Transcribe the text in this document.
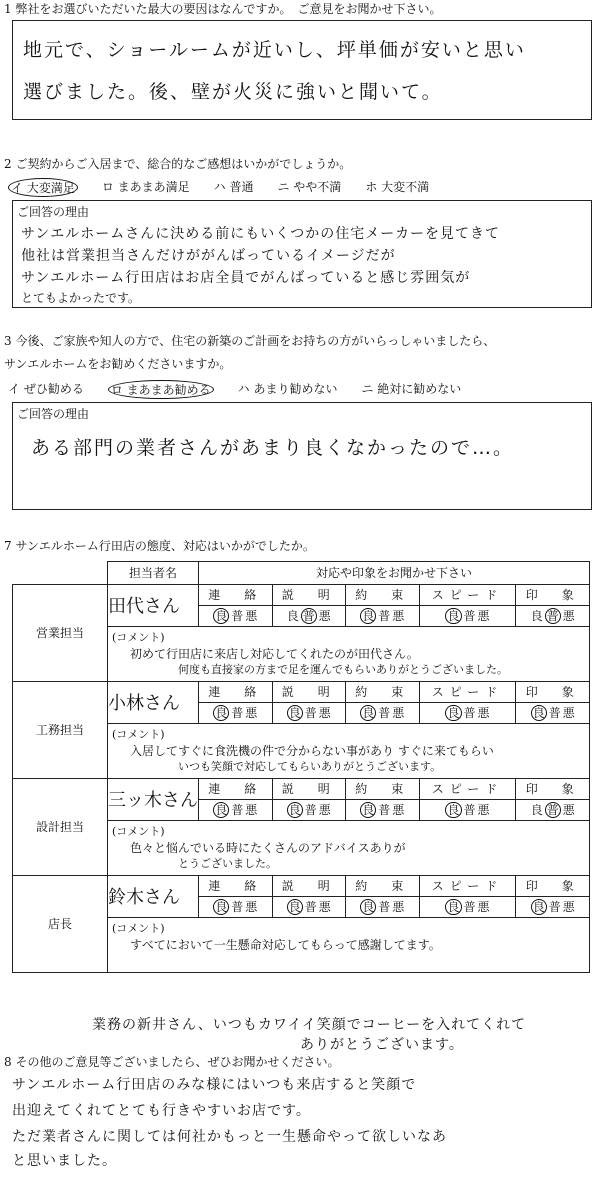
1 弊社をお選びいただいた最大の要因はなんですか。　ご意見をお聞かせ下さい。
地元で、ショールームが近いし、坪単価が安いと思い
選びました。後、壁が火災に強いと聞いて。
2 ご契約からご入居まで、総合的なご感想はいかがでしょうか。
イ 大変満足 ロ まあまあ満足 ハ 普通 ニ やや不満 ホ 大変不満
ご回答の理由
サンエルホームさんに決める前にもいくつかの住宅メーカーを見てきて
他社は営業担当さんだけががんばっているイメージだが
サンエルホーム行田店はお店全員でがんばっていると感じ雰囲気が
とてもよかったです。
3 今後、ご家族や知人の方で、住宅の新築のご計画をお持ちの方がいらっしゃいましたら、
サンエルホームをお勧めくださいますか。
イ ぜひ勧める ロ まあまあ勧める ハ あまり勧めない ニ 絶対に勧めない
ご回答の理由
ある部門の業者さんがあまり良くなかったので…。
7 サンエルホーム行田店の態度、対応はいかがでしたか。
	担当者名	対応や印象をお聞かせ下さい				
営業担当	田代さん	連　絡	説　明	約　束	スピード	印　象
		良 普 悪	良 普 悪	良 普 悪	良 普 悪	良 普 悪

	(コメント)
初めて行田店に来店し対応してくれたのが田代さん。
何度も直接家の方まで足を運んでもらいありがとうございました。					

工務担当	小林さん	連　絡	説　明	約　束	スピード	印　象
		良 普 悪	良 普 悪	良 普 悪	良 普 悪	良 普 悪

	(コメント)
入居してすぐに食洗機の件で分からない事があり すぐに来てもらい
いつも笑顔で対応してもらいありがとうございます。					

設計担当	三ッ木さん	連　絡	説　明	約　束	スピード	印　象
		良 普 悪	良 普 悪	良 普 悪	良 普 悪	良 普 悪

	(コメント)
色々と悩んでいる時にたくさんのアドバイスありが
とうございました。					

店長	鈴木さん	連　絡	説　明	約　束	スピード	印　象
		良 普 悪	良 普 悪	良 普 悪	良 普 悪	良 普 悪

	(コメント)
すべてにおいて一生懸命対応してもらって感謝してます。					
業務の新井さん、いつもカワイイ笑顔でコーヒーを入れてくれて
ありがとうございます。
8 その他のご意見等ございましたら、ぜひお聞かせください。
サンエルホーム行田店のみな様にはいつも来店すると笑顔で
出迎えてくれてとても行きやすいお店です。
ただ業者さんに関しては何社かもっと一生懸命やって欲しいなあ
と思いました。
